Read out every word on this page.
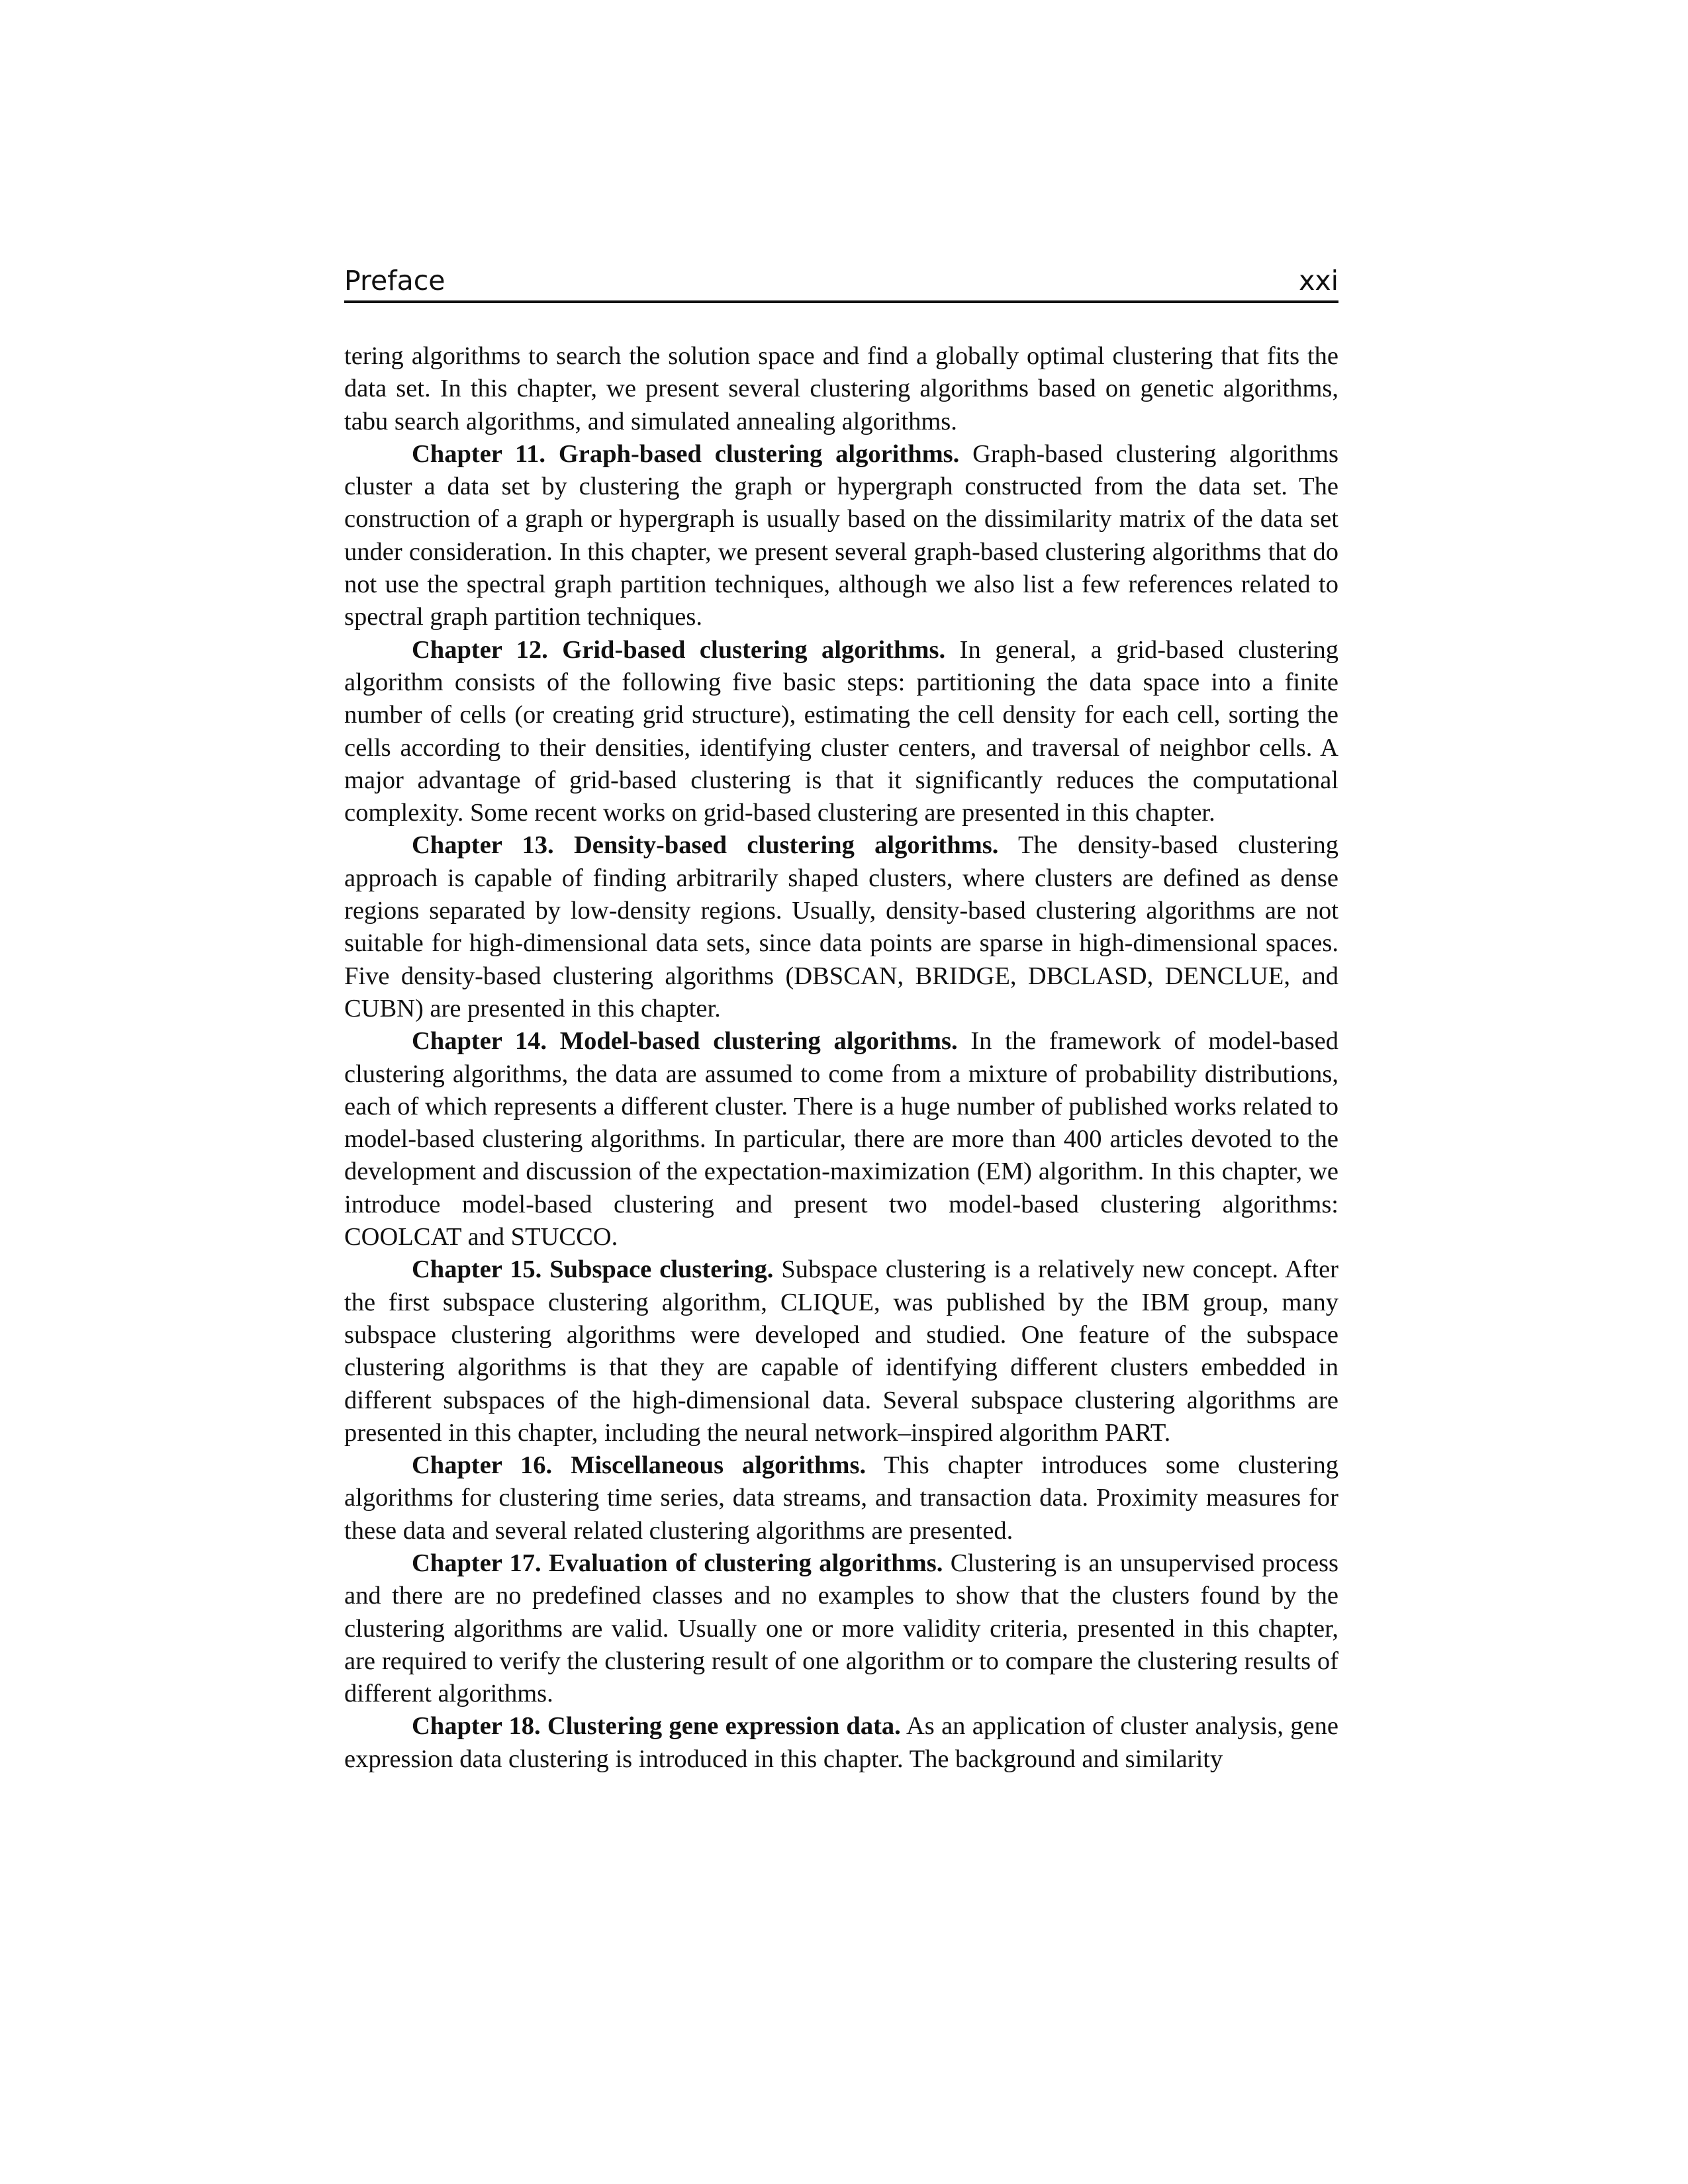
Preface	xxi

tering algorithms to search the solution space and find a globally optimal clustering that fits the data set. In this chapter, we present several clustering algorithms based on genetic algorithms, tabu search algorithms, and simulated annealing algorithms.

Chapter 11. Graph-based clustering algorithms. Graph-based clustering algorithms cluster a data set by clustering the graph or hypergraph constructed from the data set. The construction of a graph or hypergraph is usually based on the dissimilarity matrix of the data set under consideration. In this chapter, we present several graph-based clustering algorithms that do not use the spectral graph partition techniques, although we also list a few references related to spectral graph partition techniques.

Chapter 12. Grid-based clustering algorithms. In general, a grid-based clustering algorithm consists of the following five basic steps: partitioning the data space into a finite number of cells (or creating grid structure), estimating the cell density for each cell, sorting the cells according to their densities, identifying cluster centers, and traversal of neighbor cells. A major advantage of grid-based clustering is that it significantly reduces the computational complexity. Some recent works on grid-based clustering are presented in this chapter.

Chapter 13. Density-based clustering algorithms. The density-based clustering approach is capable of finding arbitrarily shaped clusters, where clusters are defined as dense regions separated by low-density regions. Usually, density-based clustering algorithms are not suitable for high-dimensional data sets, since data points are sparse in high-dimensional spaces. Five density-based clustering algorithms (DBSCAN, BRIDGE, DBCLASD, DENCLUE, and CUBN) are presented in this chapter.

Chapter 14. Model-based clustering algorithms. In the framework of model-based clustering algorithms, the data are assumed to come from a mixture of probability distributions, each of which represents a different cluster. There is a huge number of published works related to model-based clustering algorithms. In particular, there are more than 400 articles devoted to the development and discussion of the expectation-maximization (EM) algorithm. In this chapter, we introduce model-based clustering and present two model-based clustering algorithms: COOLCAT and STUCCO.

Chapter 15. Subspace clustering. Subspace clustering is a relatively new concept. After the first subspace clustering algorithm, CLIQUE, was published by the IBM group, many subspace clustering algorithms were developed and studied. One feature of the subspace clustering algorithms is that they are capable of identifying different clusters embedded in different subspaces of the high-dimensional data. Several subspace clustering algorithms are presented in this chapter, including the neural network–inspired algorithm PART.

Chapter 16. Miscellaneous algorithms. This chapter introduces some clustering algorithms for clustering time series, data streams, and transaction data. Proximity measures for these data and several related clustering algorithms are presented.

Chapter 17. Evaluation of clustering algorithms. Clustering is an unsupervised process and there are no predefined classes and no examples to show that the clusters found by the clustering algorithms are valid. Usually one or more validity criteria, presented in this chapter, are required to verify the clustering result of one algorithm or to compare the clustering results of different algorithms.

Chapter 18. Clustering gene expression data. As an application of cluster analysis, gene expression data clustering is introduced in this chapter. The background and similarity
